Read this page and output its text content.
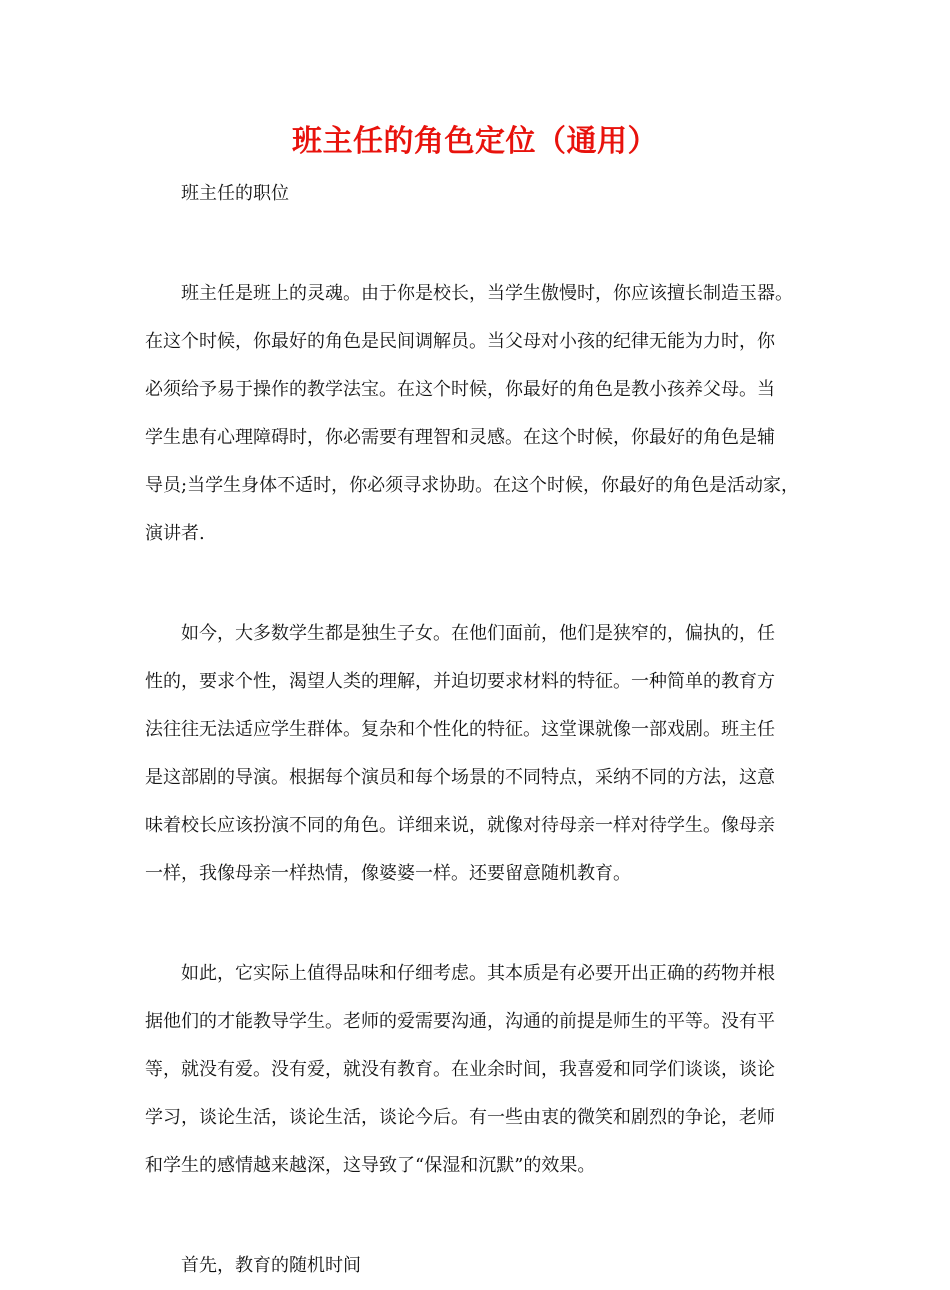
班主任的角色定位（通用）
班主任的职位
班主任是班上的灵魂。由于你是校长，当学生傲慢时，你应该擅长制造玉器。
在这个时候，你最好的角色是民间调解员。当父母对小孩的纪律无能为力时，你
必须给予易于操作的教学法宝。在这个时候，你最好的角色是教小孩养父母。当
学生患有心理障碍时，你必需要有理智和灵感。在这个时候，你最好的角色是辅
导员;当学生身体不适时，你必须寻求协助。在这个时候，你最好的角色是活动家，
演讲者.
如今，大多数学生都是独生子女。在他们面前，他们是狭窄的，偏执的，任
性的，要求个性，渴望人类的理解，并迫切要求材料的特征。一种简单的教育方
法往往无法适应学生群体。复杂和个性化的特征。这堂课就像一部戏剧。班主任
是这部剧的导演。根据每个演员和每个场景的不同特点，采纳不同的方法，这意
味着校长应该扮演不同的角色。详细来说，就像对待母亲一样对待学生。像母亲
一样，我像母亲一样热情，像婆婆一样。还要留意随机教育。
如此，它实际上值得品味和仔细考虑。其本质是有必要开出正确的药物并根
据他们的才能教导学生。老师的爱需要沟通，沟通的前提是师生的平等。没有平
等，就没有爱。没有爱，就没有教育。在业余时间，我喜爱和同学们谈谈，谈论
学习，谈论生活，谈论生活，谈论今后。有一些由衷的微笑和剧烈的争论，老师
和学生的感情越来越深，这导致了“保湿和沉默”的效果。
首先，教育的随机时间
